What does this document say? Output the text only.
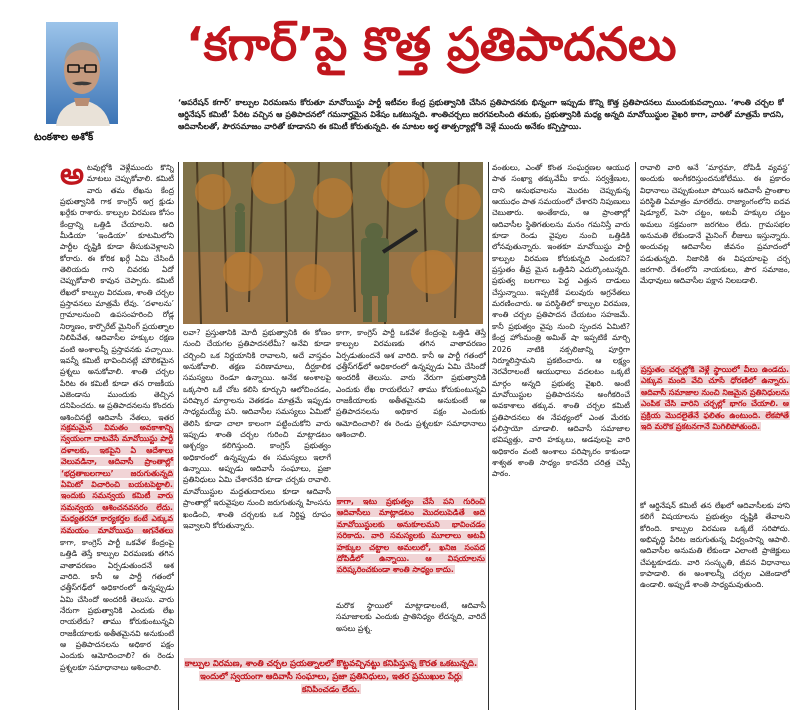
టంకశాల అశోక్
‘కగార్’పై కొత్త ప్రతిపాదనలు
‘అపరేషన్ కగార్’ కాల్పుల విరమణను కోరుతూ మావోయిస్టు పార్టీ ఇటీవల కేంద్ర ప్రభుత్వానికి చేసిన ప్రతిపాదనకు భిన్నంగా ఇప్పుడు కొన్ని కొత్త ప్రతిపాదనలు ముందుకువచ్చాయి. ‘శాంతి చర్చల కో ఆర్డినేషన్ కమిటీ’ పేరిట వచ్చిన ఆ ప్రతిపాదనలో గమనార్హమైన విశేషం ఒకటున్నది. శాంతిచర్చలు జరగవలసింది తమకు, ప్రభుత్వానికి మధ్య అన్నది మావోయిస్టుల వైఖరి కాగా, వారితో మాత్రమే కాదని, ఆదివాసీలతో, పౌరసమాజం వారితో కూడానని ఈ కమిటీ కోరుతున్నది. ఈ మాటల అర్థ తాత్పర్యాల్లోకి వెళ్లే ముందు అనేకం కన్పిస్తాయి.

అటవుల్లోకి వెళ్లేముందు కొన్ని మాటలు చెప్పుకోవాలి. కమిటీ వారు తమ లేఖను కేంద్ర ప్రభుత్వానికి గాక కాంగ్రెస్ అగ్ర క్షుడు ఖర్గేకు రాశారు. కాల్పుల విరమణ కోసం కేంద్రాన్ని ఒత్తిడి చేయాలని. అది మీడియా ‘ఇండియా’ కూటమిలోని పార్టీల దృష్టికి కూడా తీసుకువెళ్లాలని కోరారు. ఈ కోరిక ఖర్గే ఏమి చేసిందీ తెలియదు గాని చివరకు ఏదో చెప్పుకోవాలి కావున చెప్పారు. కమిటీ లేఖలో కాల్పుల విరమణ, శాంతి చర్చల ప్రస్తావనలు మాత్రమే లేవు. ‘దళాలను’ గ్రామాలనుంచి ఉపసంహరించి రోడ్ల నిర్మాణం, కార్పొరేట్ మైనింగ్ ప్రయత్నాల నిలిపివేత, ఆదివాసీల హక్కుల రక్షణ వంటి అంశాలన్నీ ప్రస్తావనకు వచ్చాయి. ఇవన్నీ కమిటీ భావించినట్లే మౌలికమైన ప్రశ్నలు అనుకోవాలి. శాంతి చర్చల పేరిట ఈ కమిటీ కూడా తన రాజకీయ ఎజెండాను ముందుకు తెచ్చిన దనిపించదు. ఆ ప్రతిపాదనలను కొందరు ఆశించినట్టే ఆదివాసీ నేతలు, ఇతర

సక్రమమైన విమతం అవకాశాన్ని స్వయంగా దాటవేసే మావోయిస్టు పార్టీ దళాలకు, ఇకపైని ఏ ఆదేశాలు వెలువడినా, ఆదివాసీ ప్రాంతాల్లో ‘భద్రతాబలగాలు’ జరుగుతున్నది ఏమిటో విచారించి బయటపెట్టాలి. ఇందుకు సమన్వయ కమిటీ వారు సమన్వయ ఆశించనవసరం లేదు. మధ్యతరహా కార్యకర్తల కంటే ఎక్కువ సమయం మావోయిస్టు అగ్రనేతలు
కాగా, కాంగ్రెస్ పార్టీ ఒకవేళ కేంద్రంపై ఒత్తిడి తెస్తే కాల్పుల విరమణకు తగిన వాతావరణం ఏర్పడుతుందనే ఆశ వారిది. కానీ ఆ పార్టీ గతంలో ఛత్తీస్‌గఢ్‌లో అధికారంలో ఉన్నప్పుడు ఏమి చేసిందో అందరికీ తెలుసు. వారు నేరుగా ప్రభుత్వానికి ఎందుకు లేఖ రాయలేదు? తాము కోరుకుంటున్నవి రాజకీయాలకు అతీతమైనవి అనుకుంటే ఆ ప్రతిపాదనలను అధికార పక్షం ఎందుకు ఆమోదించాలి? ఈ రెండు ప్రశ్నలకూ సమాధానాలు ఆశించాలి.
లవా? ప్రస్తుతానికి మోదీ ప్రభుత్వానికి ఈ కోణం నుంచి చేయగల ప్రతిపాదనలేమీ? అనేవి కూడా చర్చించి ఒక నిర్ణయానికి రావాలని, అదే వాస్తవం అనుకోవాలి. తక్షణ పరిణామాలు, దీర్ఘకాలిక సమస్యలు రెండూ ఉన్నాయి. అనేక అంశాలపై ఒక్కసారి ఒకే చోట కలిసి కూర్చుని ఆలోచించడం, పరిష్కార మార్గాలను వెతకడం మాత్రమే ఇప్పుడు సాధ్యమయ్యే పని. ఆదివాసీల సమస్యలు ఏమిటో తెలిసి కూడా చాలా కాలంగా పట్టించుకోని వారు ఇప్పుడు శాంతి చర్చల గురించి మాట్లాడటం ఆశ్చర్యం కలిగిస్తుంది. కాంగ్రెస్ ప్రభుత్వం అధికారంలో ఉన్నప్పుడు ఈ సమస్యలు ఇలాగే ఉన్నాయి. అప్పుడు ఆదివాసీ సంఘాలు, ప్రజా ప్రతినిధులు ఏమి చేశారనేది కూడా చర్చకు రావాలి. మావోయిస్టుల మద్దతుదారులు కూడా ఆదివాసీ ప్రాంతాల్లో ఇరువైపుల నుంచి జరుగుతున్న హింసను ఖండించి, శాంతి చర్చలకు ఒక నిర్దిష్ట రూపం ఇవ్వాలని కోరుతున్నారు.
కాగా, ఇటు ప్రభుత్వం చేసే పని గురించి ఆదివాసీలు మాట్లాడటం మొదలుపెడితే అది మావోయిస్టులకు అనుకూలమని భావించడం సరికాదు. వారి సమస్యలకు మూలాలు అటవీ హక్కుల చట్టాల అమలులో, ఖనిజ సంపద దోపిడీలో ఉన్నాయి. ఆ విషయాలను పరిష్కరించకుండా శాంతి సాధ్యం కాదు.
మరొక స్థాయిలో మాట్లాడాలంటే, ఆదివాసీ సమాజాలకు ఎందుకు ప్రాతినిధ్యం లేదన్నది, వారిదే అసలు ప్రశ్న.
కాల్పుల విరమణ, శాంతి చర్చల ప్రయత్నాలలో కొట్టవచ్చినట్టు కనిపిస్తున్న కొరత ఒకటున్నది. ఇందులో స్వయంగా ఆదివాసీ సంఘాలు, ప్రజా ప్రతినిధులు, ఇతర ప్రముఖుల పేర్లు కనిపించడం లేదు.
కాగా, కాంగ్రెస్ పార్టీ ఒకవేళ కేంద్రంపై ఒత్తిడి తెస్తే కాల్పుల విరమణకు తగిన వాతావరణం ఏర్పడుతుందనే ఆశ వారిది. కానీ ఆ పార్టీ గతంలో ఛత్తీస్‌గఢ్‌లో అధికారంలో ఉన్నప్పుడు ఏమి చేసిందో అందరికీ తెలుసు. వారు నేరుగా ప్రభుత్వానికి ఎందుకు లేఖ రాయలేదు? తాము కోరుకుంటున్నవి రాజకీయాలకు అతీతమైనవి అనుకుంటే ఆ ప్రతిపాదనలను అధికార పక్షం ఎందుకు ఆమోదించాలి? ఈ రెండు ప్రశ్నలకూ సమాధానాలు ఆశించాలి.
వంతులు, ఎంతో కొంత సంఘర్షణల ఆయుధ పాత సంఖ్యా తక్కువేమీ కాదు. సర్వశ్రేణుల, దాని అనుభవాలను మొదట చెప్పుకున్న ఆయుధం పాత సమయంలో చేశారని నిపుణులు చెబుతారు. అంతేకాదు, ఆ ప్రాంతాల్లో ఆదివాసీల స్థితిగతులను మనం గమనిస్తే వారు కూడా రెండు వైపుల నుంచి ఒత్తిడికి లోనవుతున్నారు. ఇంతకూ మావోయిస్టు పార్టీ కాల్పుల విరమణ కోరుకున్నది ఎందుకని? ప్రస్తుతం తీవ్ర మైన ఒత్తిడిని ఎదుర్కొంటున్నది. ప్రభుత్వ బలగాలు పెద్ద ఎత్తున దాడులు చేస్తున్నాయి. ఇప్పటికే పలువురు అగ్రనేతలు మరణించారు. ఆ పరిస్థితిలో కాల్పుల విరమణ, శాంతి చర్చల ప్రతిపాదన చేయటం సహజమే. కానీ ప్రభుత్వం వైపు నుంచి స్పందన ఏమిటి? కేంద్ర హోంమంత్రి అమిత్ షా ఇప్పటికే మార్చి 2026 నాటికి నక్సలిజాన్ని పూర్తిగా నిర్మూలిస్తామని ప్రకటించారు. ఆ లక్ష్యం నెరవేరాలంటే ఆయుధాలు వదలటం ఒక్కటే మార్గం అన్నది ప్రభుత్వ వైఖరి. అంటే మావోయిస్టుల ప్రతిపాదనను అంగీకరించే అవకాశాలు తక్కువ. శాంతి చర్చల కమిటీ ప్రతిపాదనలు ఈ నేపథ్యంలో ఎంత మేరకు ఫలిస్తాయో చూడాలి. ఆదివాసీ సమాజాల భవిష్యత్తు, వారి హక్కులు, అడవులపై వారి అధికారం వంటి అంశాలు పరిష్కారం కాకుండా శాశ్వత శాంతి సాధ్యం కాదనేది చరిత్ర చెప్పే పాఠం.
రావాలి వారి అనే ‘మార్గమా, దోపిడీ వ్యవస్థ’ అందుకు అంగీకరిస్తుందనుకోలేము. ఈ ప్రకారం విధానాలు చెప్పుకుంటూ పోయిన ఆదివాసీ ప్రాంతాల పరిస్థితి ఏమాత్రం మారలేదు. రాజ్యాంగంలోని ఐదవ షెడ్యూల్, పెసా చట్టం, అటవీ హక్కుల చట్టం అమలు సక్రమంగా జరగటం లేదు. గ్రామసభల అనుమతి లేకుండానే మైనింగ్ లీజులు ఇస్తున్నారు. అందువల్ల ఆదివాసీల జీవనం ప్రమాదంలో పడుతున్నది. నిజానికి ఈ విషయాలపై చర్చ జరగాలి. దేశంలోని నాయకులు, పౌర సమాజం, మేధావులు ఆదివాసీల పక్షాన నిలబడాలి.
ప్రస్తుతం చర్చల్లోకి వెళ్లే స్థాయిలో వీలు ఉండదు. ఎక్కువ మంది వేచి చూసే ధోరణిలో ఉన్నారు. ఆదివాసీ సమాజాల నుంచి నిజమైన ప్రతినిధులను ఎంపిక చేసి వారిని చర్చల్లో భాగం చేయాలి. ఆ ప్రక్రియ మొదలైతేనే ఫలితం ఉంటుంది. లేకపోతే ఇది మరొక ప్రకటనగానే మిగిలిపోతుంది.
కో ఆర్డినేషన్ కమిటీ తన లేఖలో ఆదివాసీలకు హాని కలిగే విషయాలను ప్రభుత్వం దృష్టికి తేవాలని కోరింది. కాల్పుల విరమణ ఒక్కటే సరిపోదు. అభివృద్ధి పేరిట జరుగుతున్న విధ్వంసాన్ని ఆపాలి. ఆదివాసీల అనుమతి లేకుండా ఎలాంటి ప్రాజెక్టులు చేపట్టకూడదు. వారి సంస్కృతి, జీవన విధానాలు కాపాడాలి. ఈ అంశాలన్నీ చర్చల ఎజెండాలో ఉండాలి. అప్పుడే శాంతి సాధ్యమవుతుంది.
